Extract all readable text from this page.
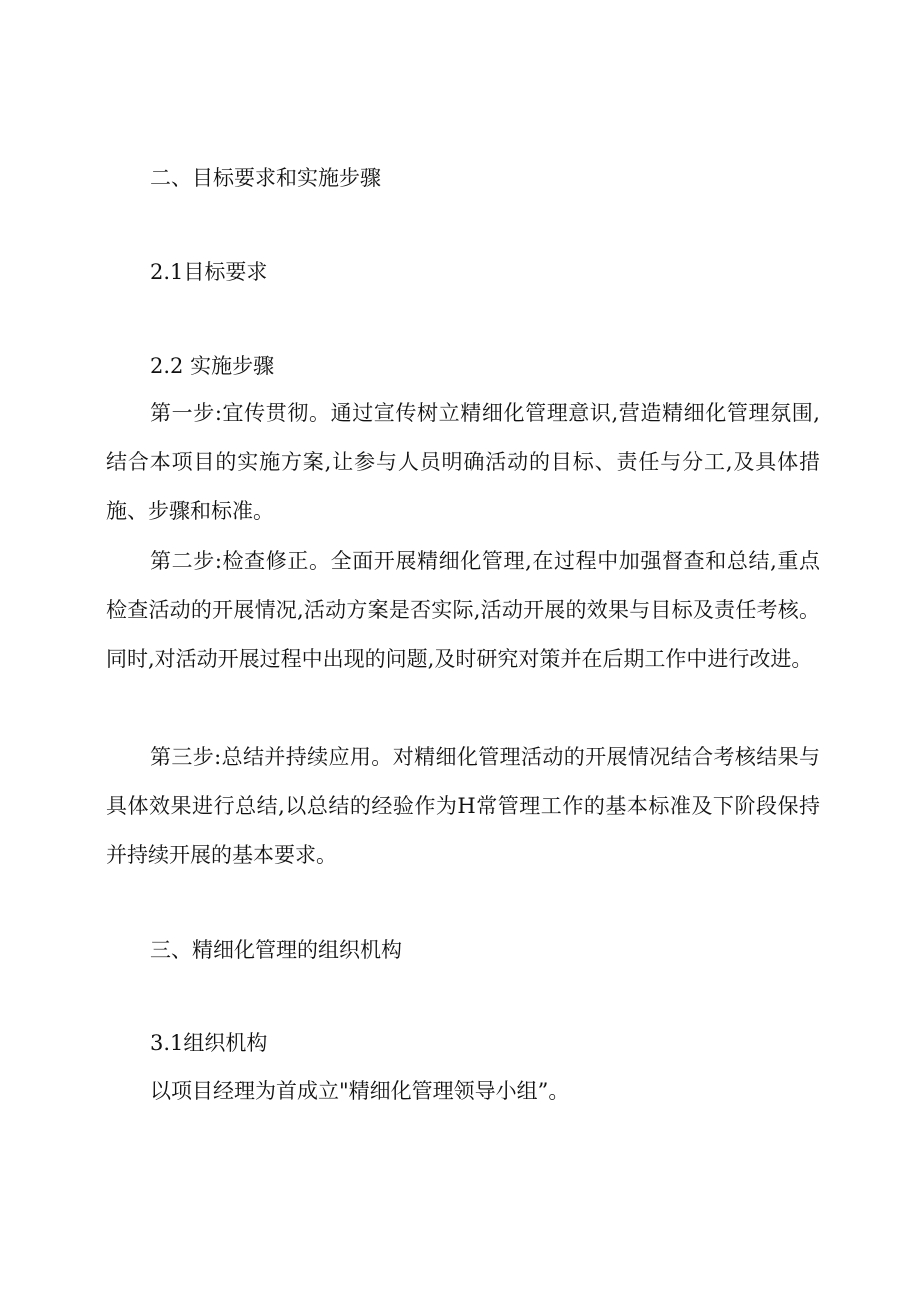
二、目标要求和实施步骤
2.1目标要求
2.2 实施步骤
第一步:宜传贯彻。通过宣传树立精细化管理意识,营造精细化管理氛围,结合本项目的实施方案,让参与人员明确活动的目标、责任与分工,及具体措施、步骤和标准。
第二步:检查修正。全面开展精细化管理,在过程中加强督查和总结,重点检查活动的开展情况,活动方案是否实际,活动开展的效果与目标及责任考核。同时,对活动开展过程中出现的问题,及时研究对策并在后期工作中进行改进。
第三步:总结并持续应用。对精细化管理活动的开展情况结合考核结果与具体效果进行总结,以总结的经验作为H常管理工作的基本标准及下阶段保持并持续开展的基本要求。
三、精细化管理的组织机构
3.1组织机构
以项目经理为首成立"精细化管理领导小组”。
